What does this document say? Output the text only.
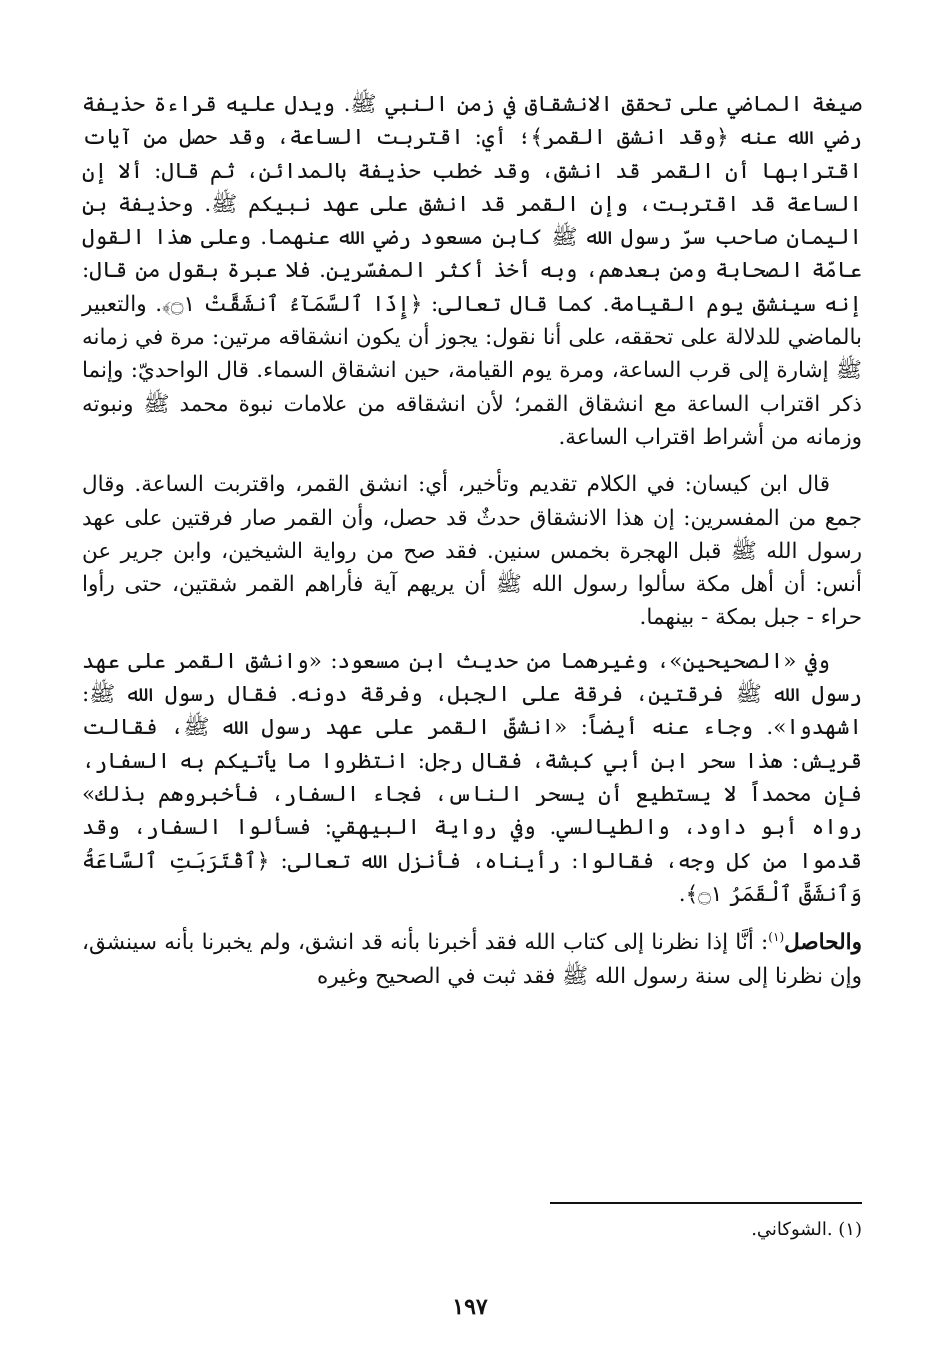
صيغة الماضي على تحقق الانشقاق في زمن النبي ﷺ. ويدل عليه قراءة حذيفة رضي الله عنه ﴿وقد انشق القمر﴾؛ أي: اقتربت الساعة، وقد حصل من آيات اقترابها أن القمر قد انشق، وقد خطب حذيفة بالمدائن، ثم قال: ألا إن الساعة قد اقتربت، وإن القمر قد انشق على عهد نبيكم ﷺ. وحذيفة بن اليمان صاحب سرّ رسول الله ﷺ كابن مسعود رضي الله عنهما. وعلى هذا القول عامّة الصحابة ومن بعدهم، وبه أخذ أكثر المفسّرين. فلا عبرة بقول من قال: إنه سينشق يوم القيامة. كما قال تعالى: ﴿إِذَا ٱلسَّمَآءُ ٱنشَقَّتْ ۝١﴾. والتعبير بالماضي للدلالة على تحققه، على أنا نقول: يجوز أن يكون انشقاقه مرتين: مرة في زمانه ﷺ إشارة إلى قرب الساعة، ومرة يوم القيامة، حين انشقاق السماء. قال الواحديّ: وإنما ذكر اقتراب الساعة مع انشقاق القمر؛ لأن انشقاقه من علامات نبوة محمد ﷺ ونبوته وزمانه من أشراط اقتراب الساعة.

قال ابن كيسان: في الكلام تقديم وتأخير، أي: انشق القمر، واقتربت الساعة. وقال جمع من المفسرين: إن هذا الانشقاق حدثٌ قد حصل، وأن القمر صار فرقتين على عهد رسول الله ﷺ قبل الهجرة بخمس سنين. فقد صح من رواية الشيخين، وابن جرير عن أنس: أن أهل مكة سألوا رسول الله ﷺ أن يريهم آية فأراهم القمر شقتين، حتى رأوا حراء - جبل بمكة - بينهما.

وفي «الصحيحين»، وغيرهما من حديث ابن مسعود: «وانشق القمر على عهد رسول الله ﷺ فرقتين، فرقة على الجبل، وفرقة دونه. فقال رسول الله ﷺ: اشهدوا». وجاء عنه أيضاً: «انشقّ القمر على عهد رسول الله ﷺ، فقالت قريش: هذا سحر ابن أبي كبشة، فقال رجل: انتظروا ما يأتيكم به السفار، فإن محمداً لا يستطيع أن يسحر الناس، فجاء السفار، فأخبروهم بذلك» رواه أبو داود، والطيالسي. وفي رواية البيهقي: فسألوا السفار، وقد قدموا من كل وجه، فقالوا: رأيناه، فأنزل الله تعالى: ﴿ٱقْتَرَبَتِ ٱلسَّاعَةُ وَٱنشَقَّ ٱلْقَمَرُ ۝١﴾.

والحاصل$^{(١)}$: أنَّا إذا نظرنا إلى كتاب الله فقد أخبرنا بأنه قد انشق، ولم يخبرنا بأنه سينشق، وإن نظرنا إلى سنة رسول الله ﷺ فقد ثبت في الصحيح وغيره

(١) .الشوكاني.
١٩٧
